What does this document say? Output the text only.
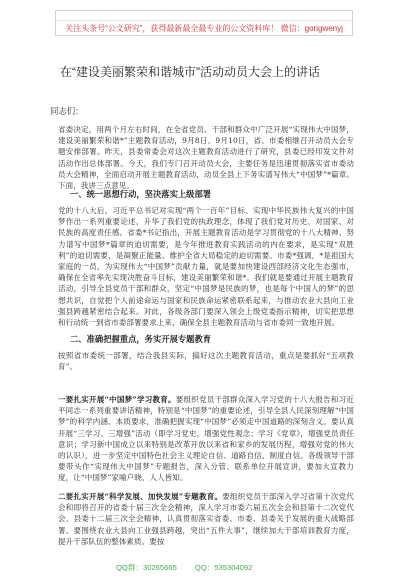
关注头条号“公文研究”，获得最新最全最专业的公文资料库！ 微信：gongwenyj
在“建设美丽繁荣和谐城市”活动动员大会上的讲话
同志们：
省委决定，用两个月左右时间，在全省党员、干部和群众中广泛开展“实现伟大中国梦，建设美丽繁荣和谐*”主题教育活动，9月8日、9月10日，省、市委相继召开动员大会专题安排部署。昨天，县委常委会对这次主题教育活动进行了研究，县委已经印发文件对活动作出总体部署。今天，我们专门召开动员大会，主要任务是迅速贯彻落实省市委动员大会精神，全面启动开展主题教育活动，动员全县上下务实谱写伟大“中国梦”*篇章。下面，我讲三点意见。
一、统一思想行动，坚决落实上级部署
党的十八大后，习近平总书记对实现“两个一百年”目标、实现中华民族伟大复兴的中国梦作出一系列重要论述，升华了我们党的执政理念，体现了我们党对历史、对国家、对民族的高度责任感。省委*书记指出，开展主题教育活动是学习贯彻党的十八大精神、努力谱写中国梦*篇章的迫切需要，是今年推进教育实践活动的内在要求，是实现“双胜利”的迫切需要，是凝聚正能量、维护全省大局稳定的迫切需要。市委*强调，*是祖国大家庭的一员，为实现伟大“中国梦”贡献力量，就是要加快建设西部经济文化生态强市，确保在全省率先实现决胜奋斗目标，建设美丽繁荣和谐*。我们就是要通过开展主题教育活动，引导全县党员干部和群众，坚定“中国梦是民族的梦，也是每个中国人的梦”的思想共识，自觉把个人前途命运与国家和民族命运紧密联系起来，与推动农业大县向工业强县跨越紧密结合起来。对此，各级各部门要深入领会上级党委指示精神，切实把思想和行动统一到省市委部署要求上来，确保全县主题教育活动与省市委同一致地开展。
二、准确把握重点，务实开展专题教育
按照省市委统一部署，结合我县实际，搞好这次主题教育活动，重点是要抓好“五项教育”。
一要扎实开展“中国梦”学习教育。要组织党员干部群众深入学习党的十八大报告和习近平同志一系列重要讲话精神，特别是“中国梦”的重要论述，引导全县人民深刻理解“中国梦”的科学内涵、本质要求，准确把握实现“中国梦”必须走中国道路的深刻含义。要认真开展“三学习、三增强”活动（即学习党史，增强党性观念；学习《党章》，增强党员责任意识；学习新中国成立以来特别是改革开放以来省和家乡的发展历程，增强对党的伟大的认识），进一步坚定中国特色社会主义理论自信、道路自信、制度自信。各级领导干部要带头作“实现伟大中国梦”专题报告，深入分管、联系单位开展宣讲，要加大宣教力度，让“中国梦”家喻户晓、人人皆知。
二要扎实开展“科学发展、加快发展”专题教育。要组织党员干部深入学习省第十次党代会和即将召开的省委十届三次全会精神，深入学习市委六届五次全会和县第十二次党代会、县委十二届三次全会精神，认真贯彻落实省委、市委、县委关于发展的重大战略部署。要围绕农业大县向工业强县跨越，突出“五件大事”，继续加大干部培训教育力度，提升干部队伍的整体素质。要按
QQ群：30265665 QQ：535304092
